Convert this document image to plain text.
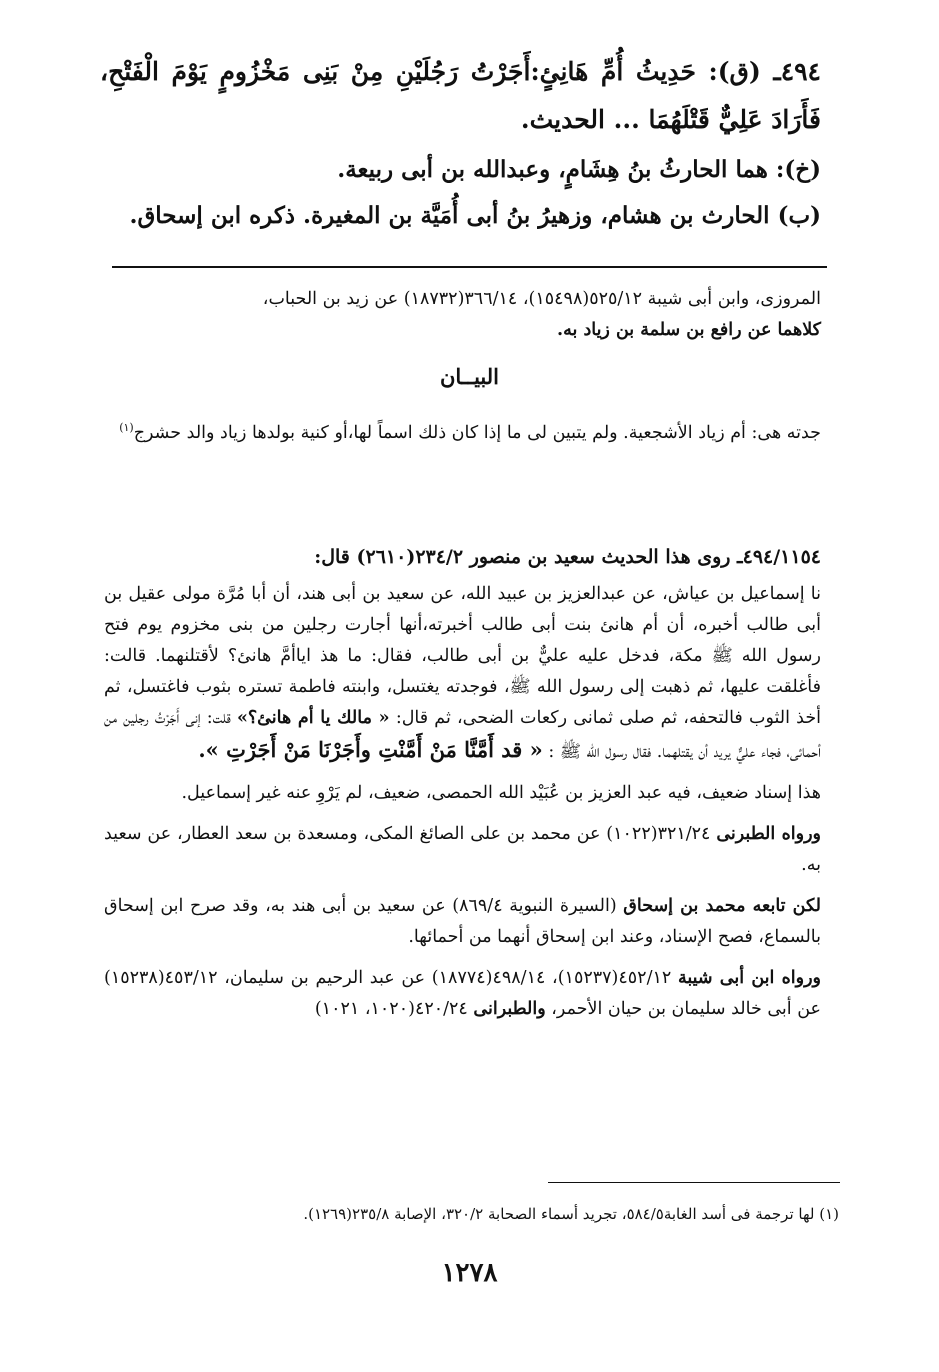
٤٩٤ـ (ق): حَدِيثُ أُمِّ هَانِئٍ:أَجَرْتُ رَجُلَيْنِ مِنْ بَنِى مَخْزُومٍ يَوْمَ الْفَتْحِ، فَأَرَادَ عَلِيٌّ قَتْلَهُمَا ... الحديث.
(خ): هما الحارثُ بنُ هِشَامٍ، وعبدالله بن أبى ربيعة.
(ب) الحارث بن هشام، وزهيرُ بنُ أبى أُمَيَّة بن المغيرة. ذكره ابن إسحاق.

المروزى، وابن أبى شيبة ٥٢٥/١٢(١٥٤٩٨)، ٣٦٦/١٤(١٨٧٣٢) عن زيد بن الحباب،

كلاهما عن رافع بن سلمة بن زياد به.

البيــان

جدته هى: أم زياد الأشجعية. ولم يتبين لى ما إذا كان ذلك اسماً لها،أو كنية بولدها زياد والد حشرج$^{(١)}$

٤٩٤/١١٥٤ـ روى هذا الحديث سعيد بن منصور ٢٣٤/٢(٢٦١٠) قال:

نا إسماعيل بن عياش، عن عبدالعزيز بن عبيد الله، عن سعيد بن أبى هند، أن أبا مُرَّة مولى عقيل بن أبى طالب أخبره، أن أم هانئ بنت أبى طالب أخبرته،أنها أجارت رجلين من بنى مخزوم يوم فتح رسول الله ﷺ مكة، فدخل عليه عليٌّ بن أبى طالب، فقال: ما هذ اياأمَّ هانئ؟ لأقتلنهما. قالت: فأغلقت عليها، ثم ذهبت إلى رسول الله ﷺ، فوجدته يغتسل، وابنته فاطمة تستره بثوب فاغتسل، ثم أخذ الثوب فالتحفه، ثم صلى ثمانى ركعات الضحى، ثم قال: « مالك يا أم هانئ؟» قلت: إنى أَجَرْتُ رجلين من أحمائى، فجاء عليٌّ يريد أن يقتلهما. فقال رسول الله ﷺ : « قد أَمَّنَّا مَنْ أَمَّنْتِ وأَجَرْنَا مَنْ أَجَرْتِ ».

هذا إسناد ضعيف، فيه عبد العزيز بن عُبَيْد الله الحمصى، ضعيف، لم يَرْوِ عنه غير إسماعيل.

ورواه الطبرنى ٣٢١/٢٤(١٠٢٢) عن محمد بن على الصائغ المكى، ومسعدة بن سعد العطار، عن سعيد به.

لكن تابعه محمد بن إسحاق (السيرة النبوية ٨٦٩/٤) عن سعيد بن أبى هند به، وقد صرح ابن إسحاق بالسماع، فصح الإسناد، وعند ابن إسحاق أنهما من أحمائها.

ورواه ابن أبى شيبة ٤٥٢/١٢(١٥٢٣٧)، ٤٩٨/١٤(١٨٧٧٤) عن عبد الرحيم بن سليمان، ٤٥٣/١٢(١٥٢٣٨) عن أبى خالد سليمان بن حيان الأحمر، والطبرانى ٤٢٠/٢٤(١٠٢٠، ١٠٢١)

(١) لها ترجمة فى أسد الغابة٥٨٤/٥، تجريد أسماء الصحابة ٣٢٠/٢، الإصابة ٢٣٥/٨(١٢٦٩).
١٢٧٨
